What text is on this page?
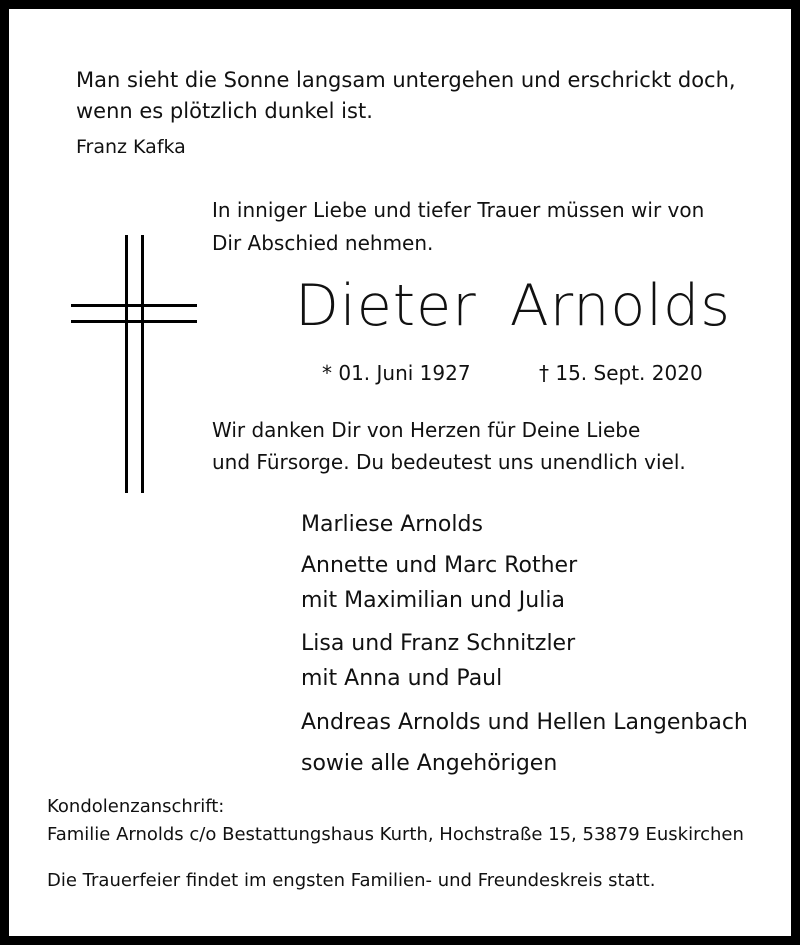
Man sieht die Sonne langsam untergehen und erschrickt doch,

wenn es plötzlich dunkel ist.

Franz Kafka

In inniger Liebe und tiefer Trauer müssen wir von

Dir Abschied nehmen.

Dieter Arnolds
* 01. Juni 1927	† 15. Sept. 2020

Wir danken Dir von Herzen für Deine Liebe

und Fürsorge. Du bedeutest uns unendlich viel.

Marliese Arnolds

Annette und Marc Rother

mit Maximilian und Julia

Lisa und Franz Schnitzler

mit Anna und Paul

Andreas Arnolds und Hellen Langenbach

sowie alle Angehörigen

Kondolenzanschrift:

Familie Arnolds c/o Bestattungshaus Kurth, Hochstraße 15, 53879 Euskirchen

Die Trauerfeier findet im engsten Familien- und Freundeskreis statt.
